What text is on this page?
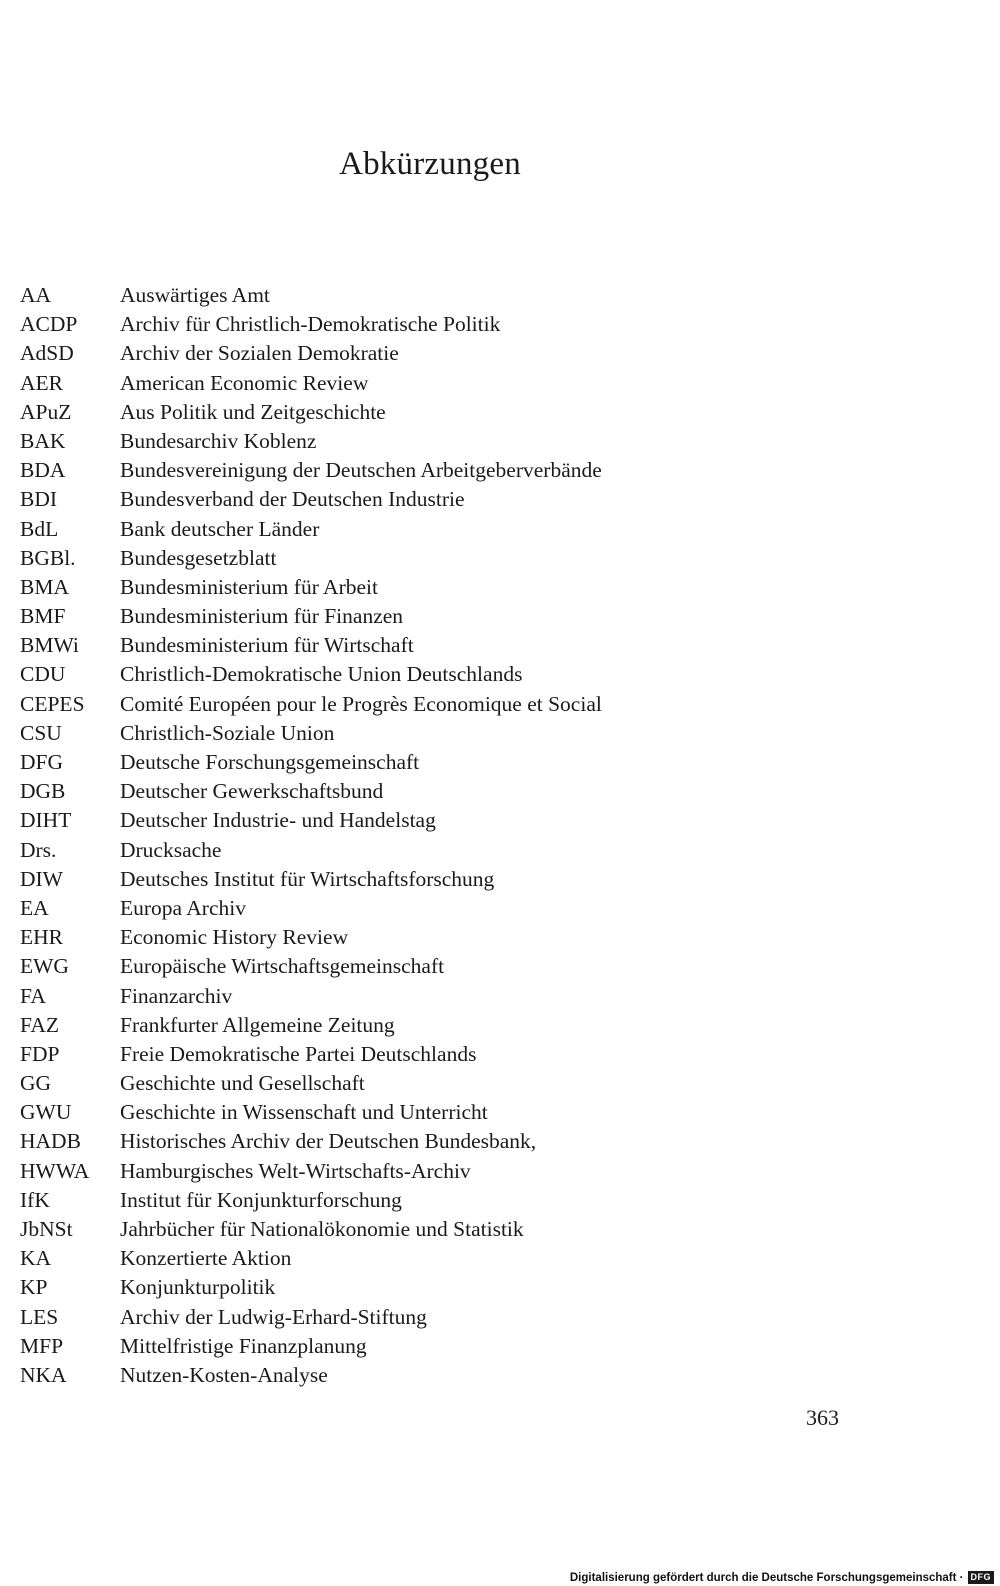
Abkürzungen
AA	Auswärtiges Amt
ACDP	Archiv für Christlich-Demokratische Politik
AdSD	Archiv der Sozialen Demokratie
AER	American Economic Review
APuZ	Aus Politik und Zeitgeschichte
BAK	Bundesarchiv Koblenz
BDA	Bundesvereinigung der Deutschen Arbeitgeberverbände
BDI	Bundesverband der Deutschen Industrie
BdL	Bank deutscher Länder
BGBl.	Bundesgesetzblatt
BMA	Bundesministerium für Arbeit
BMF	Bundesministerium für Finanzen
BMWi	Bundesministerium für Wirtschaft
CDU	Christlich-Demokratische Union Deutschlands
CEPES	Comité Européen pour le Progrès Economique et Social
CSU	Christlich-Soziale Union
DFG	Deutsche Forschungsgemeinschaft
DGB	Deutscher Gewerkschaftsbund
DIHT	Deutscher Industrie- und Handelstag
Drs.	Drucksache
DIW	Deutsches Institut für Wirtschaftsforschung
EA	Europa Archiv
EHR	Economic History Review
EWG	Europäische Wirtschaftsgemeinschaft
FA	Finanzarchiv
FAZ	Frankfurter Allgemeine Zeitung
FDP	Freie Demokratische Partei Deutschlands
GG	Geschichte und Gesellschaft
GWU	Geschichte in Wissenschaft und Unterricht
HADB	Historisches Archiv der Deutschen Bundesbank,
HWWA	Hamburgisches Welt-Wirtschafts-Archiv
IfK	Institut für Konjunkturforschung
JbNSt	Jahrbücher für Nationalökonomie und Statistik
KA	Konzertierte Aktion
KP	Konjunkturpolitik
LES	Archiv der Ludwig-Erhard-Stiftung
MFP	Mittelfristige Finanzplanung
NKA	Nutzen-Kosten-Analyse
363
Digitalisierung gefördert durch die Deutsche Forschungsgemeinschaft · DFG
